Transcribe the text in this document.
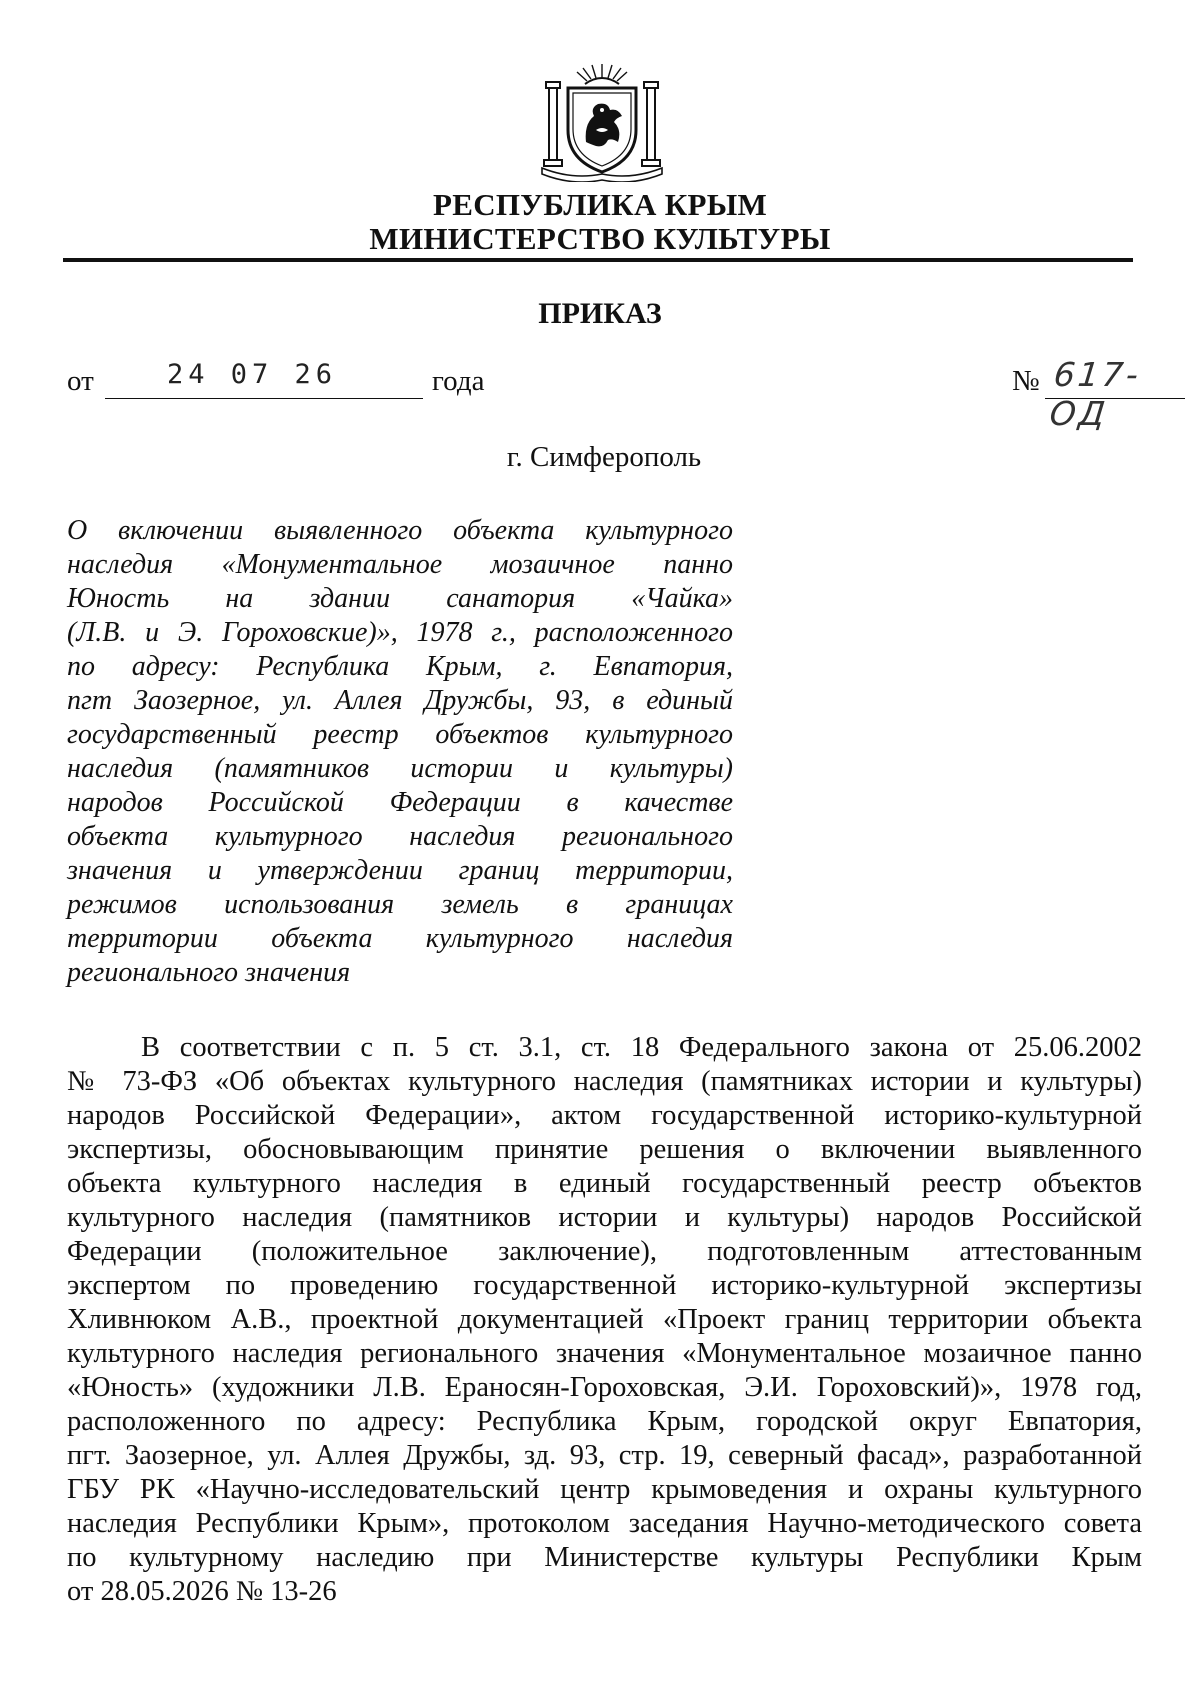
РЕСПУБЛИКА КРЫМ
МИНИСТЕРСТВО КУЛЬТУРЫ
ПРИКАЗ
от	24 07 26	года	№ 617-ОД
г. Симферополь
О включении выявленного объекта культурного
наследия «Монументальное мозаичное панно
Юность на здании санатория «Чайка»
(Л.В. и Э. Гороховские)», 1978 г., расположенного
по адресу: Республика Крым, г. Евпатория,
пгт Заозерное, ул. Аллея Дружбы, 93, в единый
государственный реестр объектов культурного
наследия (памятников истории и культуры)
народов Российской Федерации в качестве
объекта культурного наследия регионального
значения и утверждении границ территории,
режимов использования земель в границах
территории объекта культурного наследия
регионального значения
В соответствии с п. 5 ст. 3.1, ст. 18 Федерального закона от 25.06.2002
№ 73-ФЗ «Об объектах культурного наследия (памятниках истории и культуры)
народов Российской Федерации», актом государственной историко-культурной
экспертизы, обосновывающим принятие решения о включении выявленного
объекта культурного наследия в единый государственный реестр объектов
культурного наследия (памятников истории и культуры) народов Российской
Федерации (положительное заключение), подготовленным аттестованным
экспертом по проведению государственной историко-культурной экспертизы
Хливнюком А.В., проектной документацией «Проект границ территории объекта
культурного наследия регионального значения «Монументальное мозаичное панно
«Юность» (художники Л.В. Ераносян-Гороховская, Э.И. Гороховский)», 1978 год,
расположенного по адресу: Республика Крым, городской округ Евпатория,
пгт. Заозерное, ул. Аллея Дружбы, зд. 93, стр. 19, северный фасад», разработанной
ГБУ РК «Научно-исследовательский центр крымоведения и охраны культурного
наследия Республики Крым», протоколом заседания Научно-методического совета
по культурному наследию при Министерстве культуры Республики Крым
от 28.05.2026 № 13-26
